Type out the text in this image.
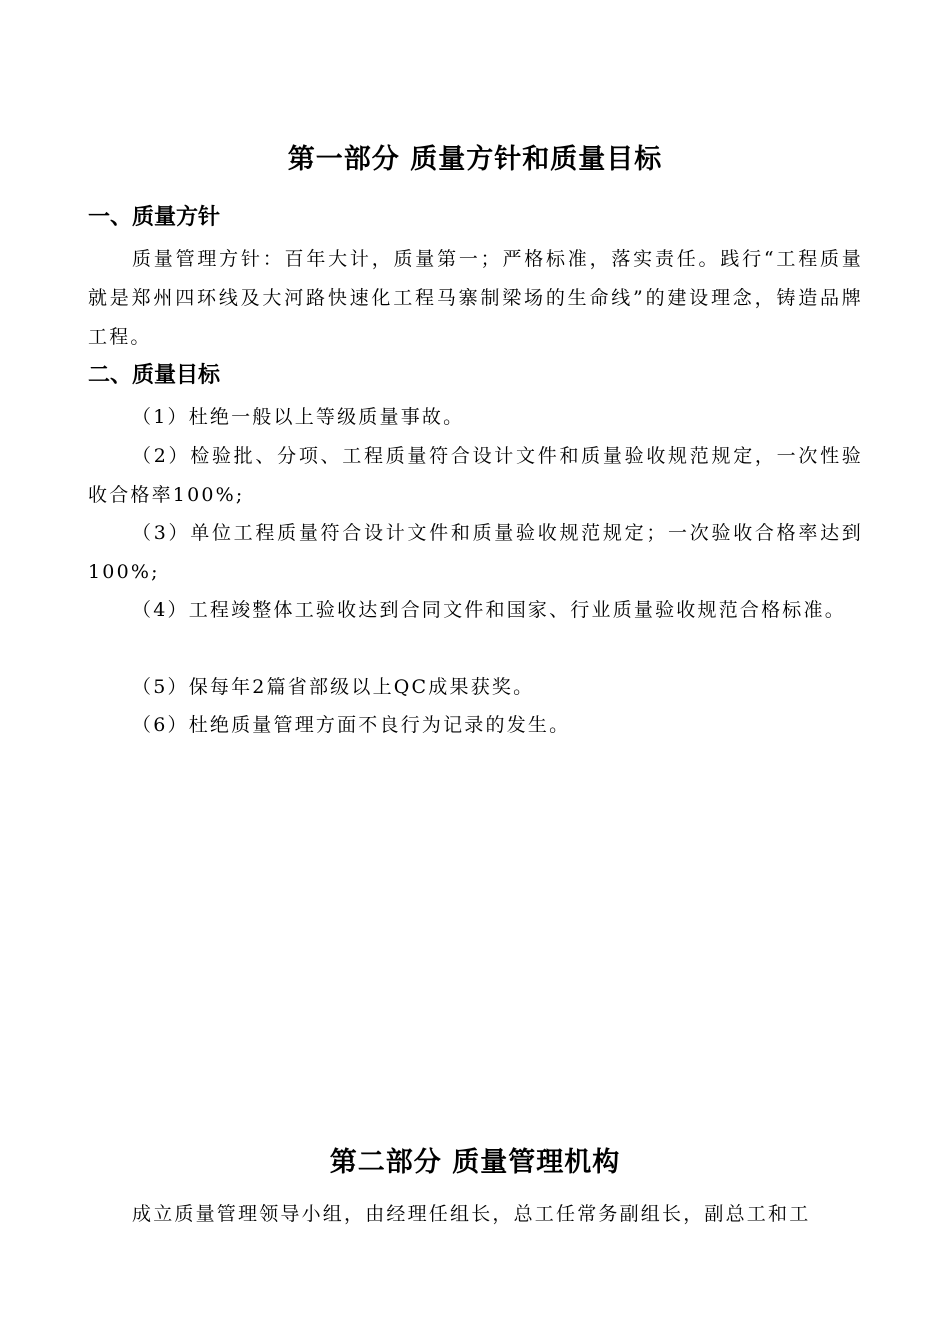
第一部分 质量方针和质量目标
一、质量方针

质量管理方针：百年大计，质量第一；严格标准，落实责任。践行“工程质量就是郑州四环线及大河路快速化工程马寨制梁场的生命线”的建设理念，铸造品牌工程。

二、质量目标

（1）杜绝一般以上等级质量事故。

（2）检验批、分项、工程质量符合设计文件和质量验收规范规定，一次性验收合格率100%;

（3）单位工程质量符合设计文件和质量验收规范规定；一次验收合格率达到100%;

（4）工程竣整体工验收达到合同文件和国家、行业质量验收规范合格标准。

（5）保每年2篇省部级以上QC成果获奖。

（6）杜绝质量管理方面不良行为记录的发生。

第二部分 质量管理机构

成立质量管理领导小组，由经理任组长，总工任常务副组长，副总工和工
